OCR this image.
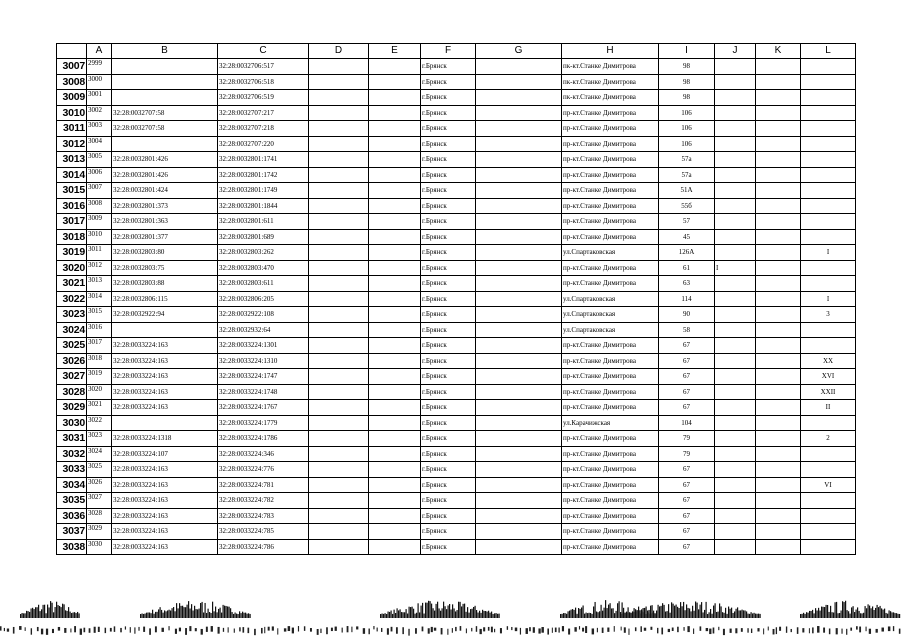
	A	B	C	D	E	F	G	H	I	J	K	L
3007	2999		32:28:0032706:517			г.Брянск		пк-кт.Станке Димитрова	98			
3008	3000		32:28:0032706:518			г.Брянск		пк-кт.Станке Димитрова	98			
3009	3001		32:28:0032706:519			г.Брянск		пк-кт.Станке Димитрова	98			
3010	3002	32:28:0032707:58	32:28:0032707:217			г.Брянск		пр-кт.Станке Димитрова	106			
3011	3003	32:28:0032707:58	32:28:0032707:218			г.Брянск		пр-кт.Станке Димитрова	106			
3012	3004		32:28:0032707:220			г.Брянск		пр-кт.Станке Димитрова	106			
3013	3005	32:28:0032801:426	32:28:0032801:1741			г.Брянск		пр-кт.Станке Димитрова	57а			
3014	3006	32:28:0032801:426	32:28:0032801:1742			г.Брянск		пр-кт.Станке Димитрова	57а			
3015	3007	32:28:0032801:424	32:28:0032801:1749			г.Брянск		пр-кт.Станке Димитрова	51А			
3016	3008	32:28:0032801:373	32:28:0032801:1844			г.Брянск		пр-кт.Станке Димитрова	55б			
3017	3009	32:28:0032801:363	32:28:0032801:611			г.Брянск		пр-кт.Станке Димитрова	57			
3018	3010	32:28:0032801:377	32:28:0032801:689			г.Брянск		пр-кт.Станке Димитрова	45			
3019	3011	32:28:0032803:80	32:28:0032803:262			г.Брянск		ул.Спартаковская	126А			I
3020	3012	32:28:0032803:75	32:28:0032803:470			г.Брянск		пр-кт.Станке Димитрова	61	I		
3021	3013	32:28:0032803:88	32:28:0032803:611			г.Брянск		пр-кт.Станке Димитрова	63			
3022	3014	32:28:0032806:115	32:28:0032806:205			г.Брянск		ул.Спартаковская	114			I
3023	3015	32:28:0032922:94	32:28:0032922:108			г.Брянск		ул.Спартаковская	90			3
3024	3016		32:28:0032932:64			г.Брянск		ул.Спартаковская	58			
3025	3017	32:28:0033224:163	32:28:0033224:1301			г.Брянск		пр-кт.Станке Димитрова	67			
3026	3018	32:28:0033224:163	32:28:0033224:1310			г.Брянск		пр-кт.Станке Димитрова	67			XX
3027	3019	32:28:0033224:163	32:28:0033224:1747			г.Брянск		пр-кт.Станке Димитрова	67			XVI
3028	3020	32:28:0033224:163	32:28:0033224:1748			г.Брянск		пр-кт.Станке Димитрова	67			XXII
3029	3021	32:28:0033224:163	32:28:0033224:1767			г.Брянск		пр-кт.Станке Димитрова	67			II
3030	3022		32:28:0033224:1779			г.Брянск		ул.Карачижская	104			
3031	3023	32:28:0033224:1318	32:28:0033224:1786			г.Брянск		пр-кт.Станке Димитрова	79			2
3032	3024	32:28:0033224:107	32:28:0033224:346			г.Брянск		пр-кт.Станке Димитрова	79			
3033	3025	32:28:0033224:163	32:28:0033224:776			г.Брянск		пр-кт.Станке Димитрова	67			
3034	3026	32:28:0033224:163	32:28:0033224:781			г.Брянск		пр-кт.Станке Димитрова	67			VI
3035	3027	32:28:0033224:163	32:28:0033224:782			г.Брянск		пр-кт.Станке Димитрова	67			
3036	3028	32:28:0033224:163	32:28:0033224:783			г.Брянск		пр-кт.Станке Димитрова	67			
3037	3029	32:28:0033224:163	32:28:0033224:785			г.Брянск		пр-кт.Станке Димитрова	67			
3038	3030	32:28:0033224:163	32:28:0033224:786			г.Брянск		пр-кт.Станке Димитрова	67			
